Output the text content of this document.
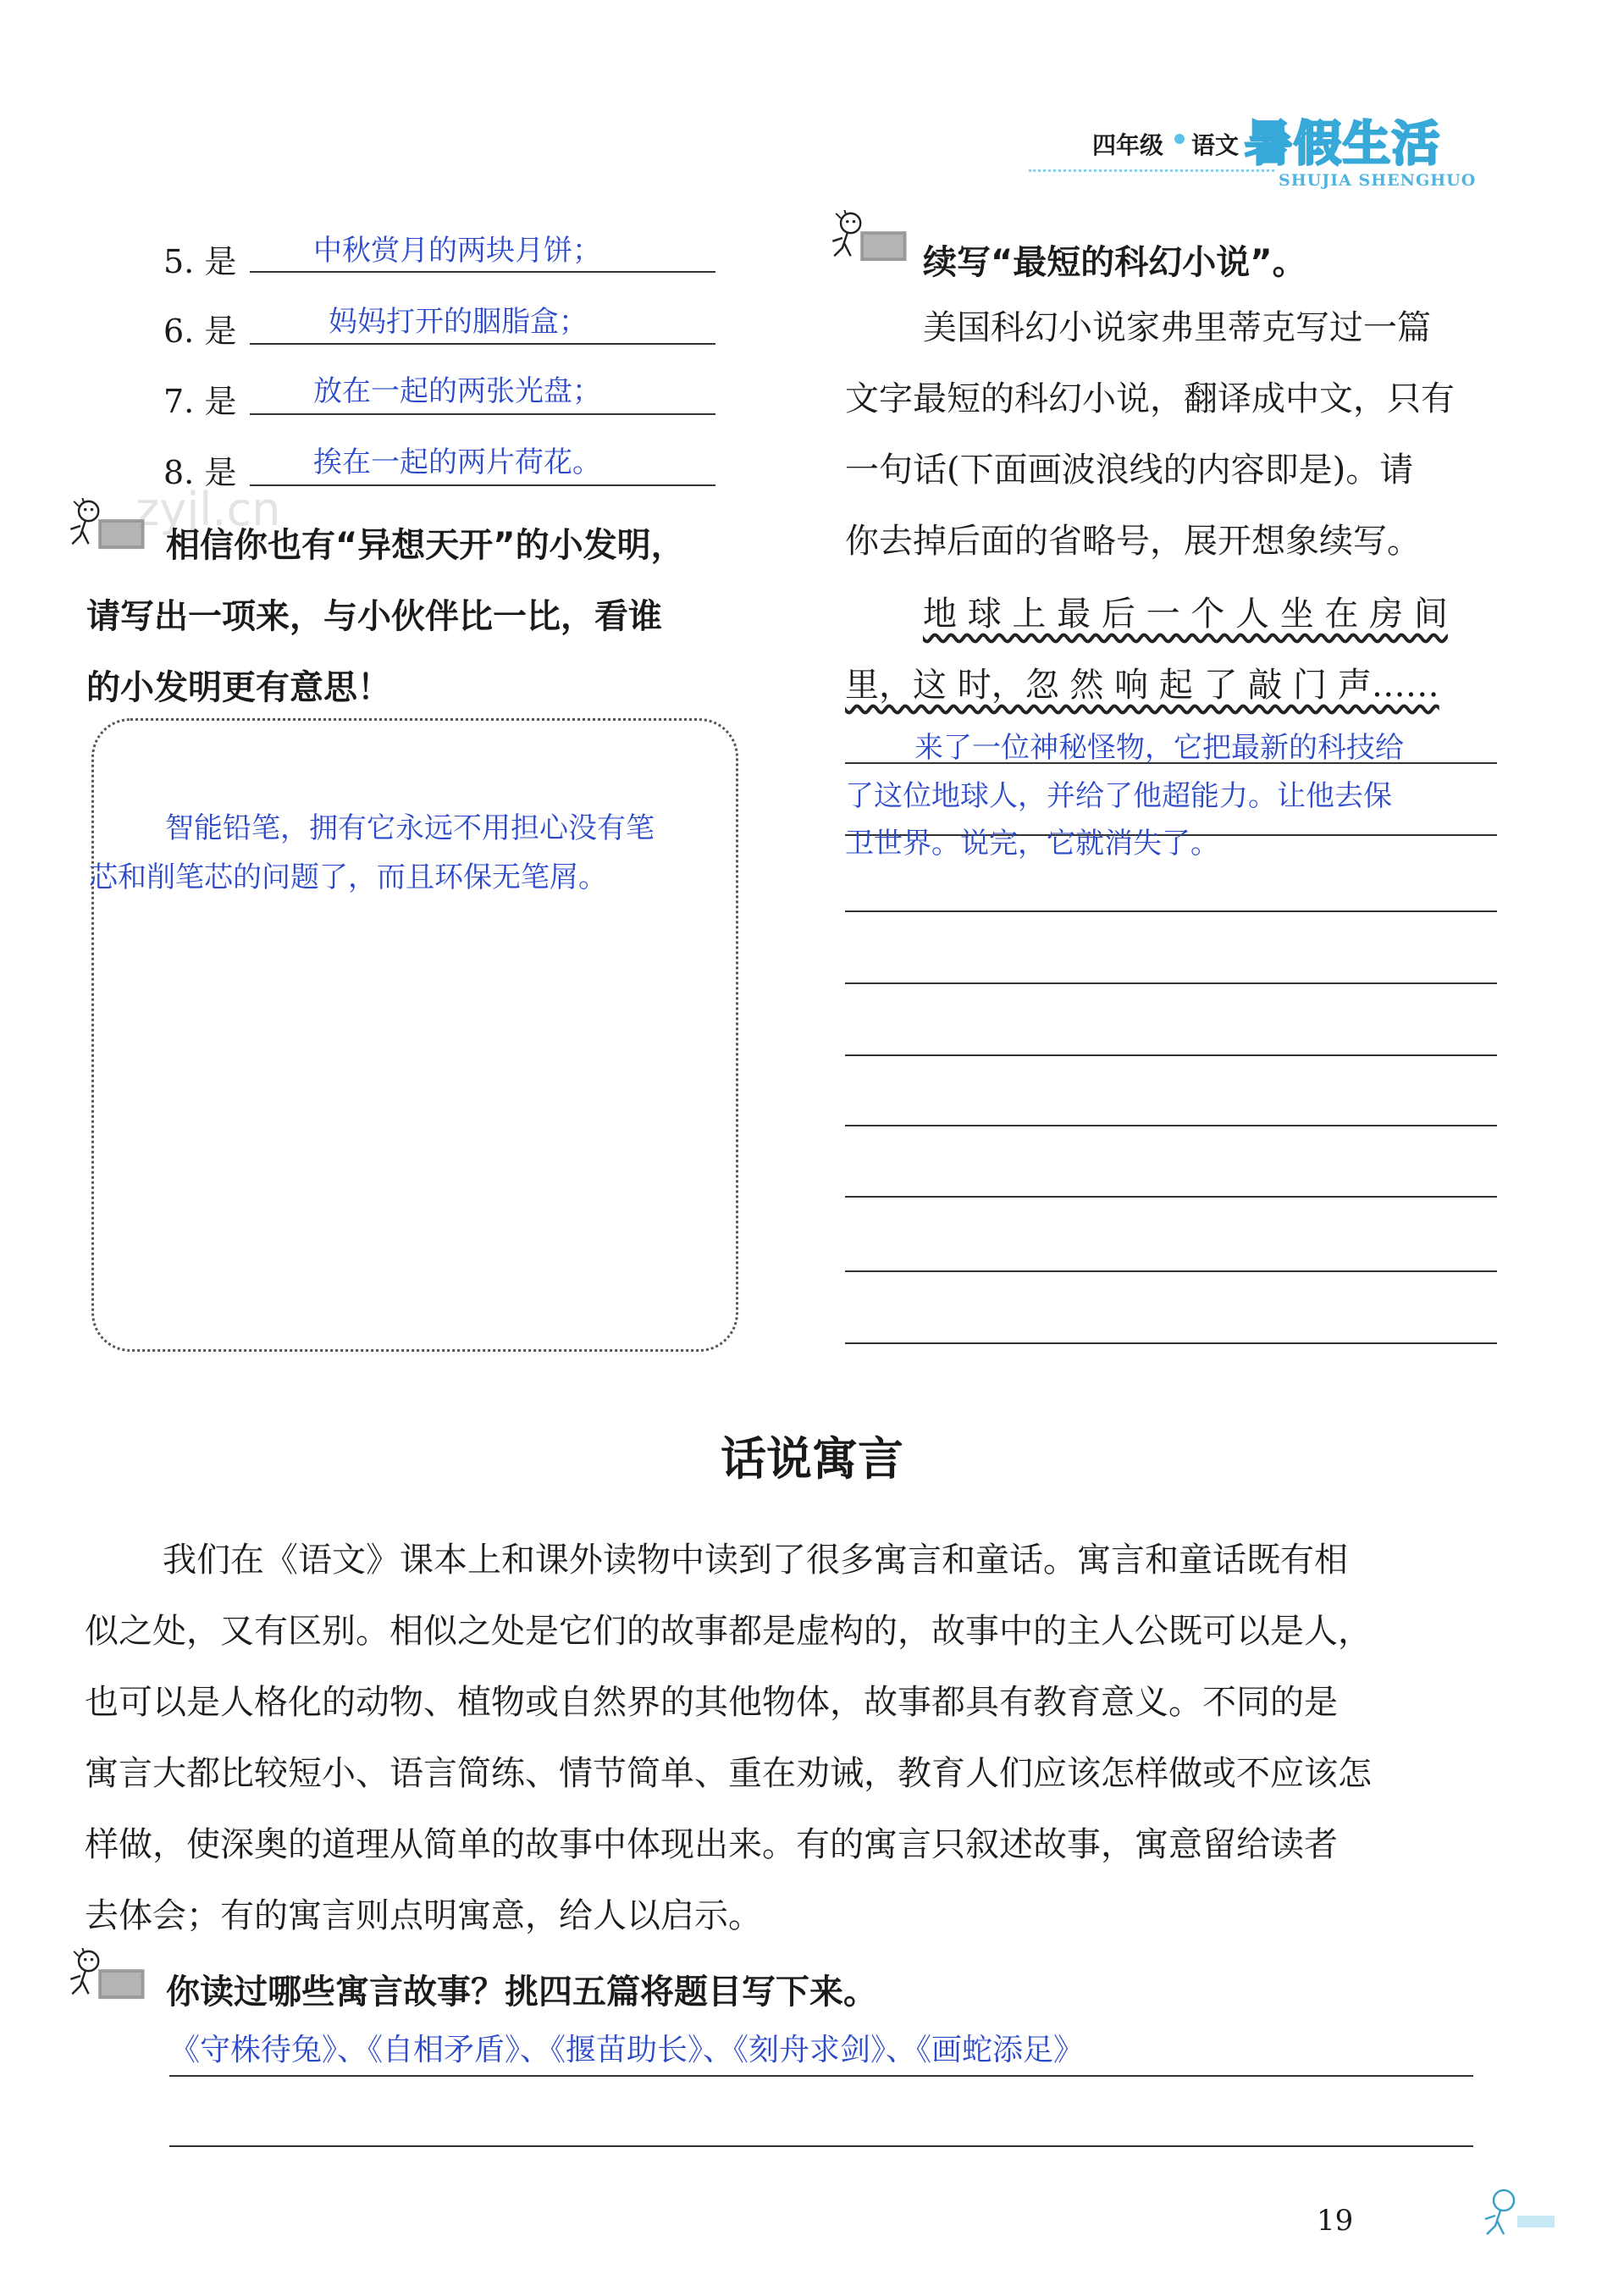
四年级 语文 暑假生活
SHUJIA SHENGHUO
5. 是	中秋赏月的两块月饼；
6. 是	妈妈打开的胭脂盒；
7. 是	放在一起的两张光盘；
8. 是	挨在一起的两片荷花。
zyjl.cn
相信你也有“异想天开”的小发明，
请写出一项来，与小伙伴比一比，看谁
的小发明更有意思！
智能铅笔，拥有它永远不用担心没有笔
芯和削笔芯的问题了，而且环保无笔屑。
续写“最短的科幻小说”。
美国科幻小说家弗里蒂克写过一篇
文字最短的科幻小说，翻译成中文，只有
一句话(下面画波浪线的内容即是)。请
你去掉后面的省略号，展开想象续写。
地 球 上 最 后 一 个 人 坐 在 房 间
里，这 时，忽 然 响 起 了 敲 门 声……
来了一位神秘怪物，它把最新的科技给
了这位地球人，并给了他超能力。让他去保
卫世界。说完，它就消失了。
话说寓言
我们在《语文》课本上和课外读物中读到了很多寓言和童话。寓言和童话既有相
似之处，又有区别。相似之处是它们的故事都是虚构的，故事中的主人公既可以是人，
也可以是人格化的动物、植物或自然界的其他物体，故事都具有教育意义。不同的是
寓言大都比较短小、语言简练、情节简单、重在劝诫，教育人们应该怎样做或不应该怎
样做，使深奥的道理从简单的故事中体现出来。有的寓言只叙述故事，寓意留给读者
去体会；有的寓言则点明寓意，给人以启示。
你读过哪些寓言故事？挑四五篇将题目写下来。
《守株待兔》、《自相矛盾》、《揠苗助长》、《刻舟求剑》、《画蛇添足》
19
